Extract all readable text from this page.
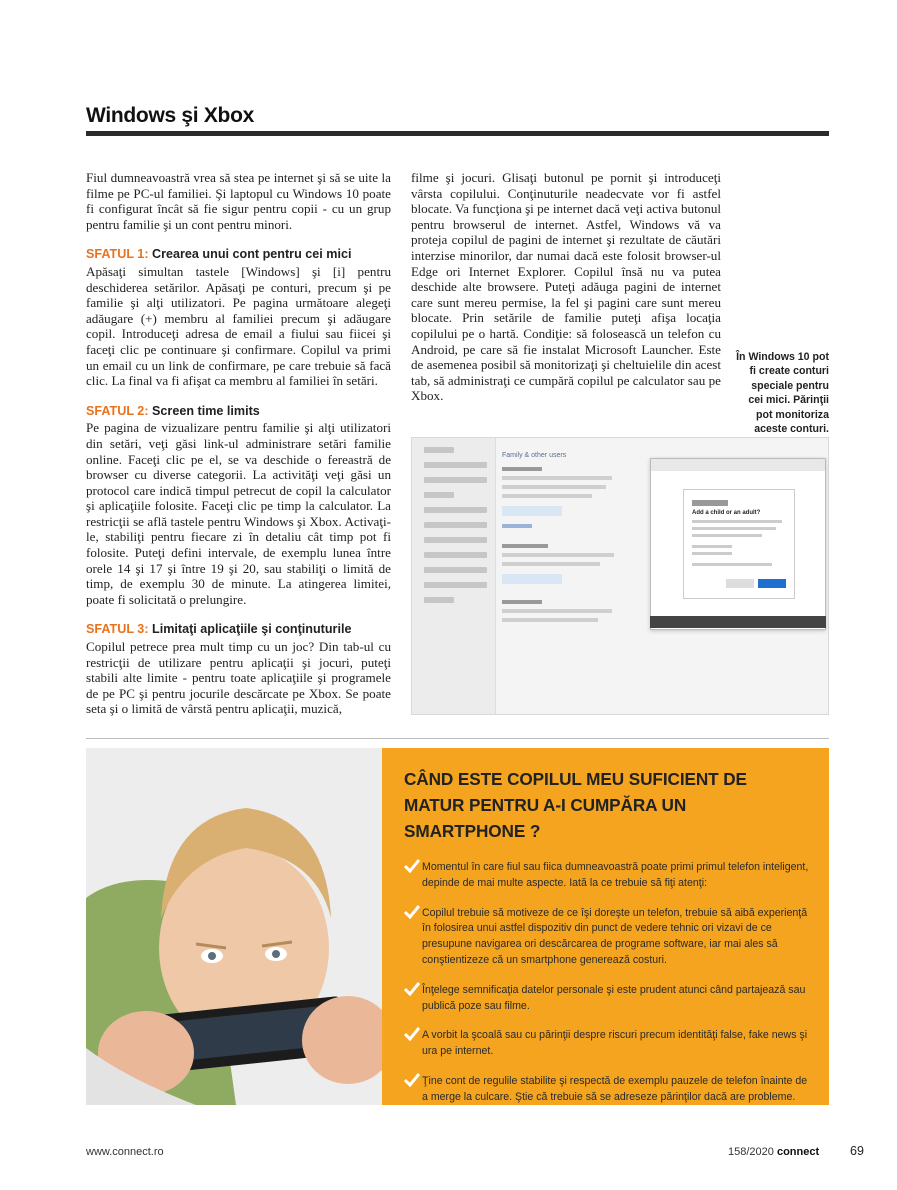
Windows şi Xbox

Fiul dumneavoastră vrea să stea pe internet şi să se uite la filme pe PC-ul familiei. Şi laptopul cu Windows 10 poate fi configurat încât să fie sigur pentru copii - cu un grup pentru familie şi un cont pentru minori.

SFATUL 1: Crearea unui cont pentru cei mici

Apăsaţi simultan tastele [Windows] şi [i] pentru deschiderea setărilor. Apăsaţi pe conturi, precum şi pe familie şi alţi utilizatori. Pe pagina următoare alegeţi adăugare (+) membru al familiei precum şi adăugare copil. Introduceţi adresa de email a fiului sau fiicei şi faceţi clic pe continuare şi confirmare. Copilul va primi un email cu un link de confirmare, pe care trebuie să facă clic. La final va fi afişat ca membru al familiei în setări.

SFATUL 2: Screen time limits

Pe pagina de vizualizare pentru familie şi alţi utilizatori din setări, veţi găsi link-ul administrare setări familie online. Faceţi clic pe el, se va deschide o fereastră de browser cu diverse categorii. La activităţi veţi găsi un protocol care indică timpul petrecut de copil la calculator şi aplicaţiile folosite. Faceţi clic pe timp la calculator. La restricţii se află tastele pentru Windows şi Xbox. Activaţi-le, stabiliţi pentru fiecare zi în detaliu cât timp pot fi folosite. Puteţi defini intervale, de exemplu lunea între orele 14 şi 17 şi între 19 şi 20, sau stabiliţi o limită de timp, de exemplu 30 de minute. La atingerea limitei, poate fi solicitată o prelungire.

SFATUL 3: Limitaţi aplicaţiile şi conţinuturile

Copilul petrece prea mult timp cu un joc? Din tab-ul cu restricţii de utilizare pentru aplicaţii şi jocuri, puteţi stabili alte limite - pentru toate aplicaţiile şi programele de pe PC şi pentru jocurile descărcate pe Xbox. Se poate seta şi o limită de vârstă pentru aplicaţii, muzică,

filme şi jocuri. Glisaţi butonul pe pornit şi introduceţi vârsta copilului. Conţinuturile neadecvate vor fi astfel blocate. Va funcţiona şi pe internet dacă veţi activa butonul pentru browserul de internet. Astfel, Windows vă va proteja copilul de pagini de internet şi rezultate de căutări interzise minorilor, dar numai dacă este folosit browser-ul Edge ori Internet Explorer. Copilul însă nu va putea deschide alte browsere. Puteţi adăuga pagini de internet care sunt mereu permise, la fel şi pagini care sunt mereu blocate. Prin setările de familie puteţi afişa locaţia copilului pe o hartă. Condiţie: să folosească un telefon cu Android, pe care să fie instalat Microsoft Launcher. Este de asemenea posibil să monitorizaţi şi cheltuielile din acest tab, să administraţi ce cumpără copilul pe calculator sau pe Xbox.

În Windows 10 pot fi create conturi speciale pentru cei mici. Părinţii pot monitoriza aceste conturi.
Family & other users
Add a child or an adult?
CÂND ESTE COPILUL MEU SUFICIENT DE MATUR PENTRU A-I CUMPĂRA UN SMARTPHONE ?
Momentul în care fiul sau fiica dumneavoastră poate primi primul telefon inteligent, depinde de mai multe aspecte. Iată la ce trebuie să fiţi atenţi:
Copilul trebuie să motiveze de ce îşi doreşte un telefon, trebuie să aibă experienţă în folosirea unui astfel dispozitiv din punct de vedere tehnic ori vizavi de ce presupune navigarea ori descărcarea de programe software, iar mai ales să conştientizeze că un smartphone generează costuri.
Înţelege semnificaţia datelor personale şi este prudent atunci când partajează sau publică poze sau filme.
A vorbit la şcoală sau cu părinţii despre riscuri precum identităţi false, fake news şi ura pe internet.
Ţine cont de regulile stabilite şi respectă de exemplu pauzele de telefon înainte de a merge la culcare. Ştie că trebuie să se adreseze părinţilor dacă are probleme.
www.connect.ro	158/2020 connect 69
